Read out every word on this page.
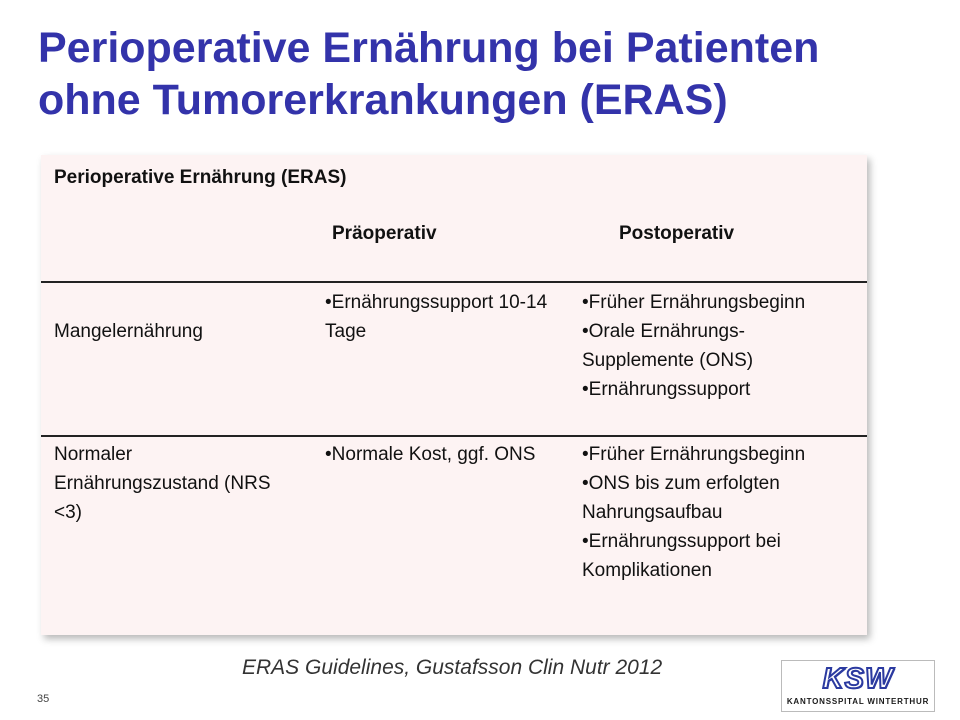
Perioperative Ernährung bei Patienten
ohne Tumorerkrankungen (ERAS)
Perioperative Ernährung (ERAS)
Präoperativ	Postoperativ
Mangelernährung
• Ernährungssupport 10-14 Tage
• Früher Ernährungsbeginn
• Orale Ernährungs-Supplemente (ONS)
• Ernährungssupport
Normaler Ernährungszustand (NRS <3)
• Normale Kost, ggf. ONS
•	Früher Ernährungsbeginn
• ONS bis zum erfolgten Nahrungsaufbau
• Ernährungssupport bei Komplikationen
ERAS Guidelines, Gustafsson Clin Nutr 2012
35
KSW
KANTONSSPITAL WINTERTHUR
